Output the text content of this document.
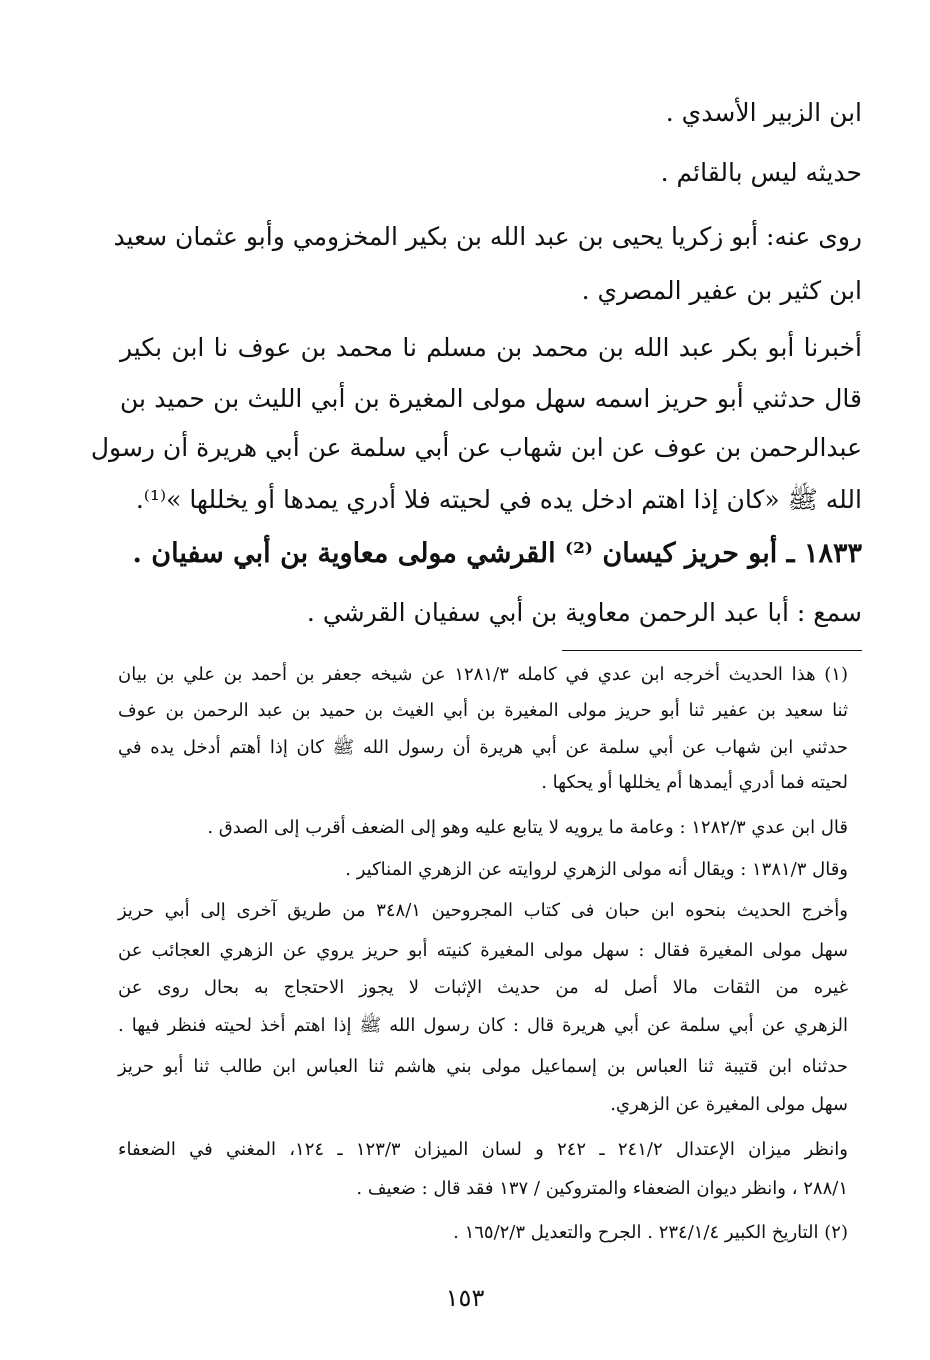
ابن الزبير الأسدي .
حديثه ليس بالقائم .
روى عنه: أبو زكريا يحيى بن عبد الله بن بكير المخزومي وأبو عثمان سعيد
ابن كثير بن عفير المصري .
أخبرنا أبو بكر عبد الله بن محمد بن مسلم نا محمد بن عوف نا ابن بكير
قال حدثني أبو حريز اسمه سهل مولى المغيرة بن أبي الليث بن حميد بن
عبدالرحمن بن عوف عن ابن شهاب عن أبي سلمة عن أبي هريرة أن رسول
الله ﷺ «كان إذا اهتم ادخل يده في لحيته فلا أدري يمدها أو يخللها »⁽¹⁾.
١٨٣٣ ـ أبو حريز كيسان ⁽²⁾ القرشي مولى معاوية بن أبي سفيان .
سمع : أبا عبد الرحمن معاوية بن أبي سفيان القرشي .
(١) هذا الحديث أخرجه ابن عدي في كامله ١٢٨١/٣ عن شيخه جعفر بن أحمد بن علي بن بيان
ثنا سعيد بن عفير ثنا أبو حريز مولى المغيرة بن أبي الغيث بن حميد بن عبد الرحمن بن عوف
حدثني ابن شهاب عن أبي سلمة عن أبي هريرة أن رسول الله ﷺ كان إذا أهتم أدخل يده في
لحيته فما أدري أيمدها أم يخللها أو يحكها .
قال ابن عدي ١٢٨٢/٣ : وعامة ما يرويه لا يتابع عليه وهو إلى الضعف أقرب إلى الصدق .
وقال ١٣٨١/٣ : ويقال أنه مولى الزهري لروايته عن الزهري المناكير .
وأخرج الحديث بنحوه ابن حبان فى كتاب المجروحين ٣٤٨/١ من طريق آخرى إلى أبي حريز
سهل مولى المغيرة فقال : سهل مولى المغيرة كنيته أبو حريز يروي عن الزهري العجائب عن
غيره من الثقات مالا أصل له من حديث الإثبات لا يجوز الاحتجاج به بحال روى عن
الزهري عن أبي سلمة عن أبي هريرة قال : كان رسول الله ﷺ إذا اهتم أخذ لحيته فنظر فيها .
حدثناه ابن قتيبة ثنا العباس بن إسماعيل مولى بني هاشم ثنا العباس ابن طالب ثنا أبو حريز
سهل مولى المغيرة عن الزهري.
وانظر ميزان الإعتدال ٢٤١/٢ ـ ٢٤٢ و لسان الميزان ١٢٣/٣ ـ ١٢٤، المغني في الضعفاء
٢٨٨/١ ، وانظر ديوان الضعفاء والمتروكين / ١٣٧ فقد قال : ضعيف .
(٢) التاريخ الكبير ٢٣٤/١/٤ . الجرح والتعديل ١٦٥/٢/٣ .
١٥٣
